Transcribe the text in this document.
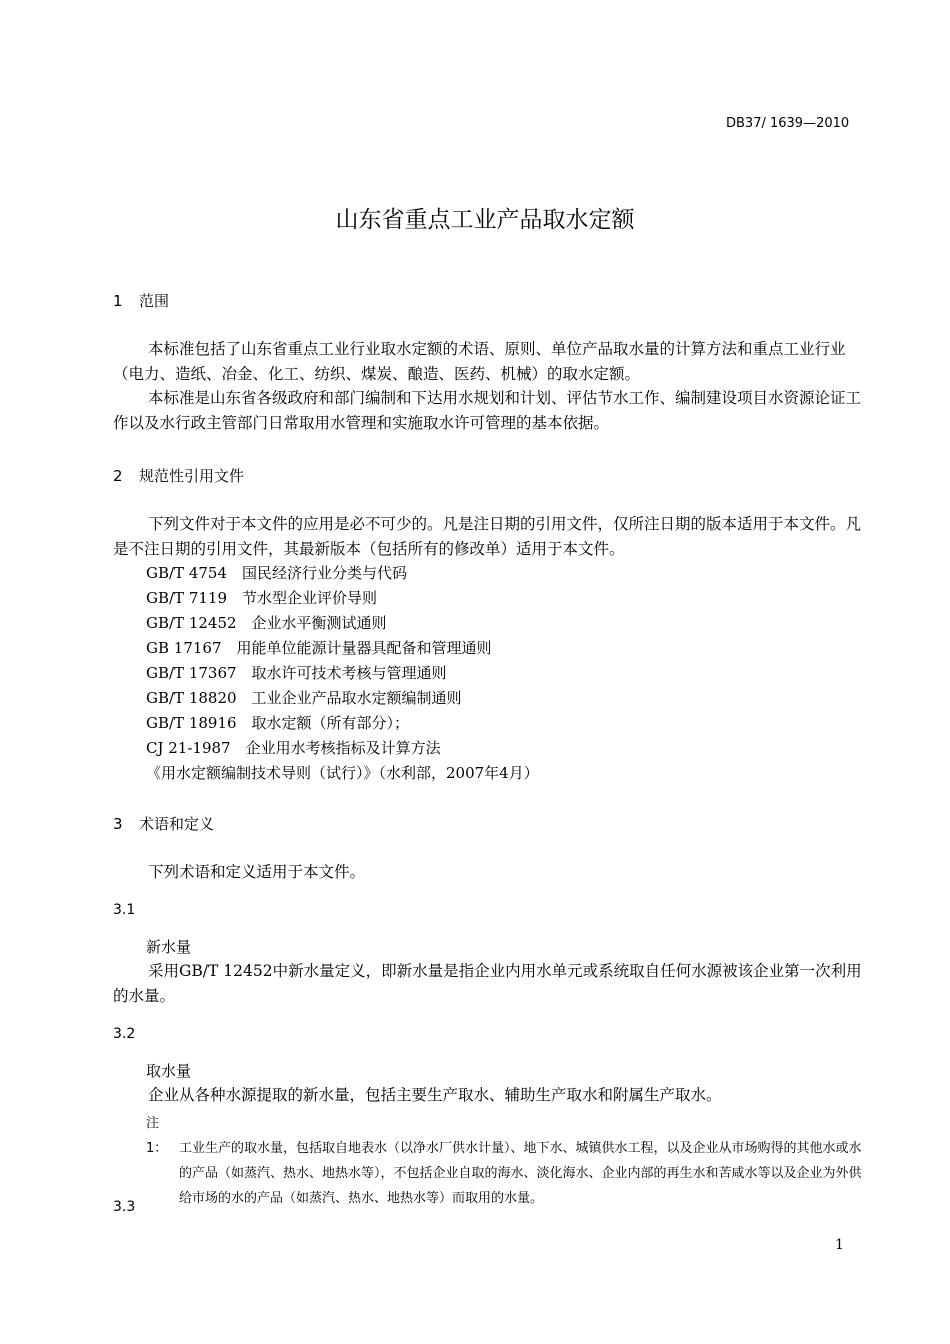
DB37/ 1639—2010
山东省重点工业产品取水定额
1 范围
本标准包括了山东省重点工业行业取水定额的术语、原则、单位产品取水量的计算方法和重点工业行业（电力、造纸、冶金、化工、纺织、煤炭、酿造、医药、机械）的取水定额。
本标准是山东省各级政府和部门编制和下达用水规划和计划、评估节水工作、编制建设项目水资源论证工作以及水行政主管部门日常取用水管理和实施取水许可管理的基本依据。
2 规范性引用文件
下列文件对于本文件的应用是必不可少的。凡是注日期的引用文件，仅所注日期的版本适用于本文件。凡是不注日期的引用文件，其最新版本（包括所有的修改单）适用于本文件。
GB/T 4754　国民经济行业分类与代码
GB/T 7119　节水型企业评价导则
GB/T 12452　企业水平衡测试通则
GB 17167　用能单位能源计量器具配备和管理通则
GB/T 17367　取水许可技术考核与管理通则
GB/T 18820　工业企业产品取水定额编制通则
GB/T 18916　取水定额（所有部分）；
CJ 21-1987　企业用水考核指标及计算方法
《用水定额编制技术导则（试行）》（水利部，2007年4月）
3 术语和定义
下列术语和定义适用于本文件。
3.1
新水量
采用GB/T 12452中新水量定义，即新水量是指企业内用水单元或系统取自任何水源被该企业第一次利用的水量。
3.2
取水量
企业从各种水源提取的新水量，包括主要生产取水、辅助生产取水和附属生产取水。
注1： 工业生产的取水量，包括取自地表水（以净水厂供水计量）、地下水、城镇供水工程，以及企业从市场购得的其他水或水的产品（如蒸汽、热水、地热水等），不包括企业自取的海水、淡化海水、企业内部的再生水和苦咸水等以及企业为外供给市场的水的产品（如蒸汽、热水、地热水等）而取用的水量。
3.3
1
